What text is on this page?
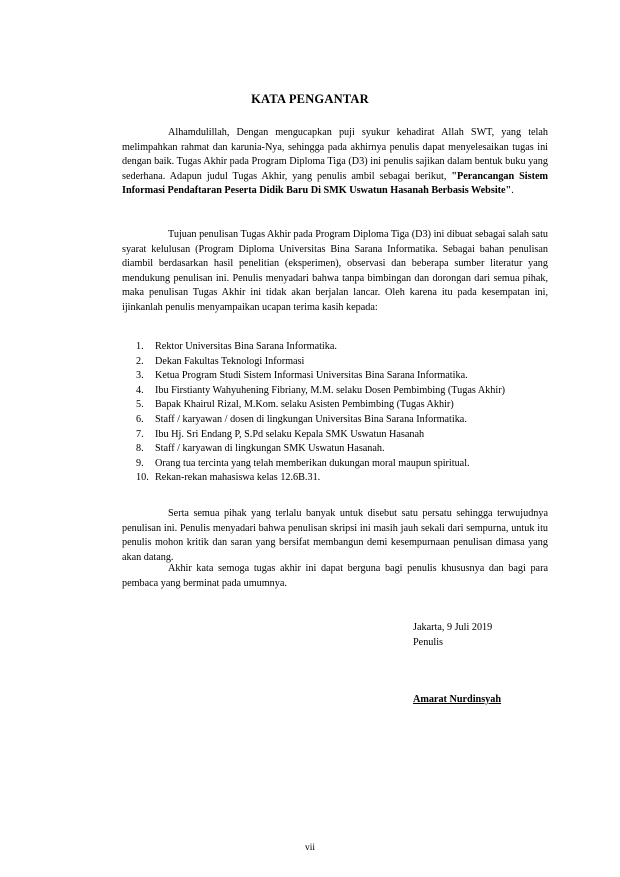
KATA PENGANTAR

Alhamdulillah, Dengan mengucapkan puji syukur kehadirat Allah SWT, yang telah melimpahkan rahmat dan karunia-Nya, sehingga pada akhirnya penulis dapat menyelesaikan tugas ini dengan baik. Tugas Akhir pada Program Diploma Tiga (D3) ini penulis sajikan dalam bentuk buku yang sederhana. Adapun judul Tugas Akhir, yang penulis ambil sebagai berikut, "Perancangan Sistem Informasi Pendaftaran Peserta Didik Baru Di SMK Uswatun Hasanah Berbasis Website".

Tujuan penulisan Tugas Akhir pada Program Diploma Tiga (D3) ini dibuat sebagai salah satu syarat kelulusan (Program Diploma Universitas Bina Sarana Informatika. Sebagai bahan penulisan diambil berdasarkan hasil penelitian (eksperimen), observasi dan beberapa sumber literatur yang mendukung penulisan ini. Penulis menyadari bahwa tanpa bimbingan dan dorongan dari semua pihak, maka penulisan Tugas Akhir ini tidak akan berjalan lancar. Oleh karena itu pada kesempatan ini, ijinkanlah penulis menyampaikan ucapan terima kasih kepada:

1.	Rektor Universitas Bina Sarana Informatika.
2.	Dekan Fakultas Teknologi Informasi
3.	Ketua Program Studi Sistem Informasi Universitas Bina Sarana Informatika.
4.	Ibu Firstianty Wahyuhening Fibriany, M.M. selaku Dosen Pembimbing (Tugas Akhir)
5.	Bapak Khairul Rizal, M.Kom. selaku Asisten Pembimbing (Tugas Akhir)
6.	Staff / karyawan / dosen di lingkungan Universitas Bina Sarana Informatika.
7.	Ibu Hj. Sri Endang P, S.Pd selaku Kepala SMK Uswatun Hasanah
8.	Staff / karyawan di lingkungan SMK Uswatun Hasanah.
9.	Orang tua tercinta yang telah memberikan dukungan moral maupun spiritual.
10. Rekan-rekan mahasiswa kelas 12.6B.31.

Serta semua pihak yang terlalu banyak untuk disebut satu persatu sehingga terwujudnya penulisan ini. Penulis menyadari bahwa penulisan skripsi ini masih jauh sekali dari sempurna, untuk itu penulis mohon kritik dan saran yang bersifat membangun demi kesempurnaan penulisan dimasa yang akan datang.

Akhir kata semoga tugas akhir ini dapat berguna bagi penulis khususnya dan bagi para pembaca yang berminat pada umumnya.

Jakarta, 9 Juli 2019
Penulis
Amarat Nurdinsyah
vii
